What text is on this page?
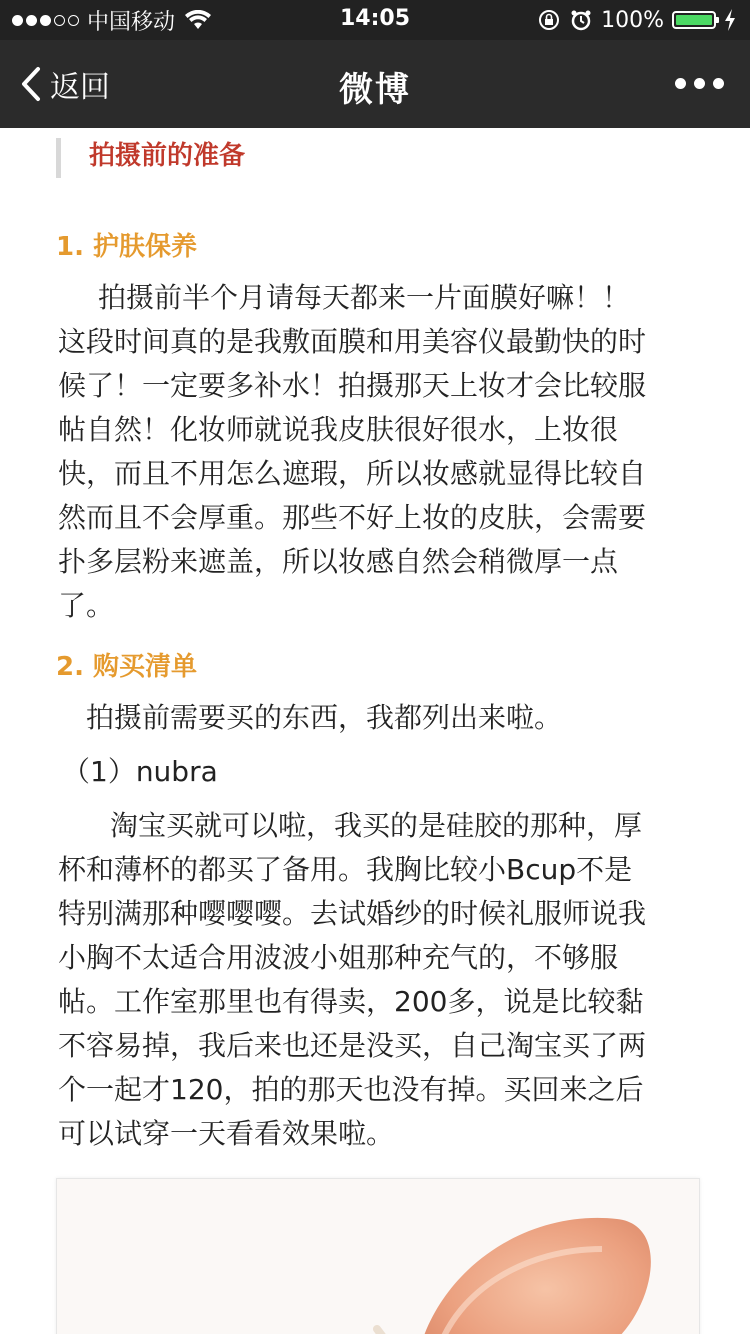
中国移动	14:05	100%
返回	微博
拍摄前的准备
1. 护肤保养
　拍摄前半个月请每天都来一片面膜好嘛！！
这段时间真的是我敷面膜和用美容仪最勤快的时
候了！一定要多补水！拍摄那天上妆才会比较服
帖自然！化妆师就说我皮肤很好很水，上妆很
快，而且不用怎么遮瑕，所以妆感就显得比较自
然而且不会厚重。那些不好上妆的皮肤，会需要
扑多层粉来遮盖，所以妆感自然会稍微厚一点
了。
2. 购买清单
　拍摄前需要买的东西，我都列出来啦。
（1）nubra
　淘宝买就可以啦，我买的是硅胶的那种，厚
杯和薄杯的都买了备用。我胸比较小Bcup不是
特别满那种嘤嘤嘤。去试婚纱的时候礼服师说我
小胸不太适合用波波小姐那种充气的，不够服
帖。工作室那里也有得卖，200多，说是比较黏
不容易掉，我后来也还是没买，自己淘宝买了两
个一起才120，拍的那天也没有掉。买回来之后
可以试穿一天看看效果啦。
